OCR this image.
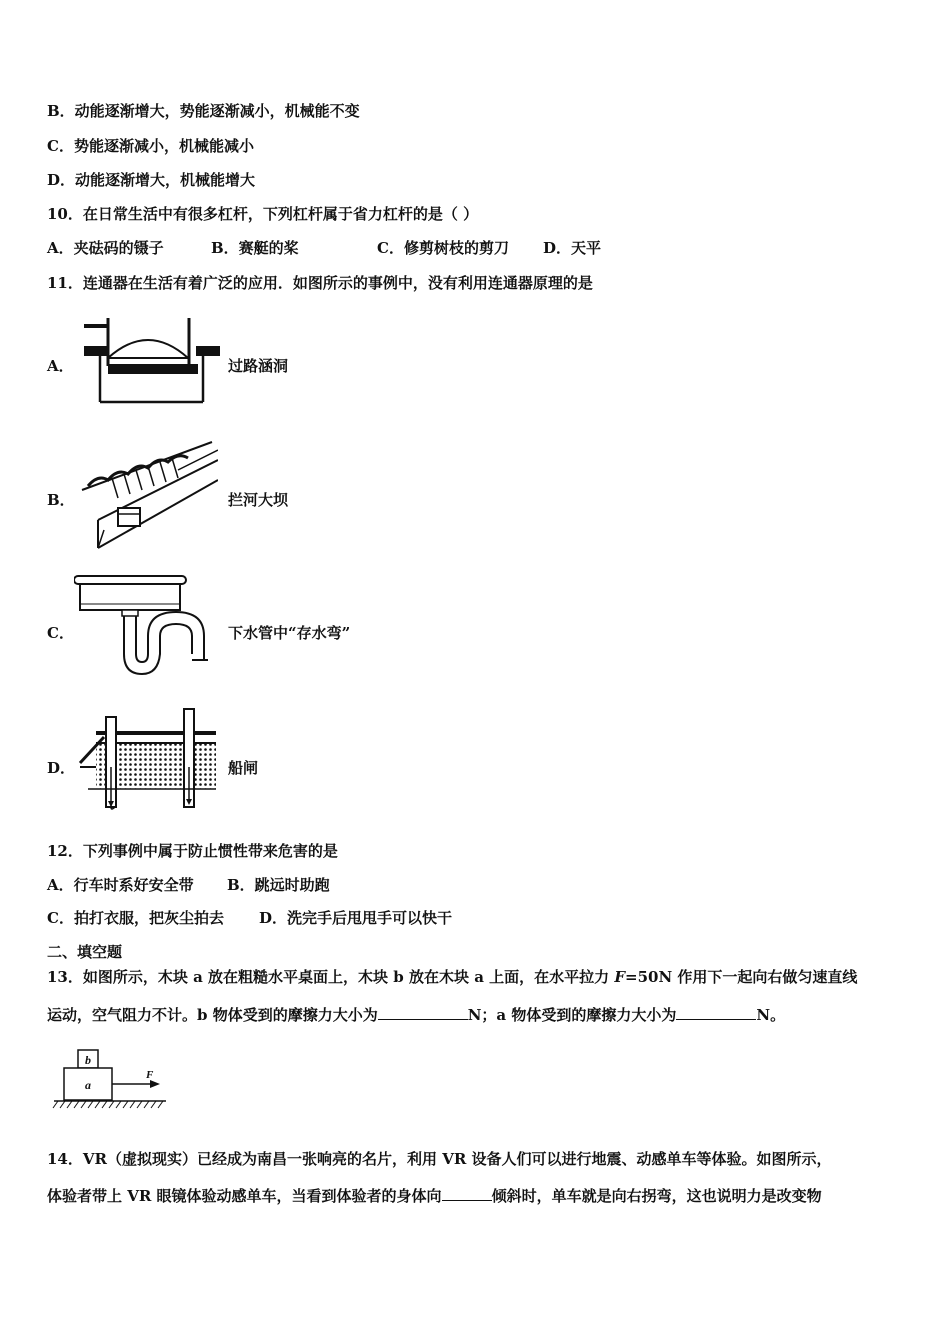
B．动能逐渐增大，势能逐渐减小，机械能不变
C．势能逐渐减小，机械能减小
D．动能逐渐增大，机械能增大
10．在日常生活中有很多杠杆，下列杠杆属于省力杠杆的是（ ）
A．夹砝码的镊子	B．赛艇的桨	C．修剪树枝的剪刀 D．天平
11．连通器在生活有着广泛的应用．如图所示的事例中，没有利用连通器原理的是
A．	过路涵洞
B．	拦河大坝
C．	下水管中“存水弯”
D．	船闸
12．下列事例中属于防止惯性带来危害的是
A．行车时系好安全带 B．跳远时助跑
C．拍打衣服，把灰尘拍去 D．洗完手后甩甩手可以快干
二、填空题
13．如图所示，木块 a 放在粗糙水平桌面上，木块 b 放在木块 a 上面，在水平拉力 F=50N 作用下一起向右做匀速直线
运动，空气阻力不计。b 物体受到的摩擦力大小为	N；a 物体受到的摩擦力大小为	N。
b
a
F
14．VR（虚拟现实）已经成为南昌一张响亮的名片，利用 VR 设备人们可以进行地震、动感单车等体验。如图所示，
体验者带上 VR 眼镜体验动感单车，当看到体验者的身体向	倾斜时，单车就是向右拐弯，这也说明力是改变物
